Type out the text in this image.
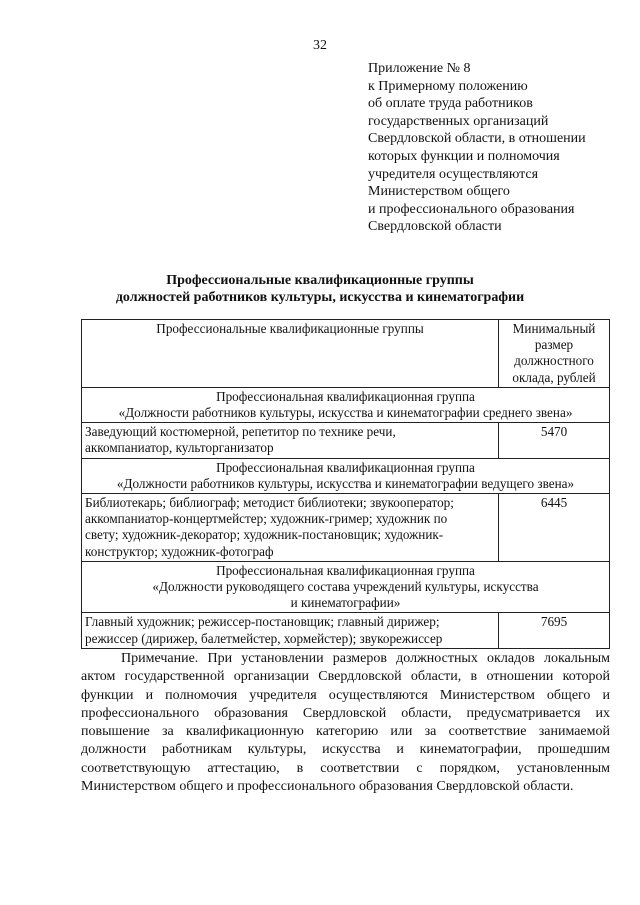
32
Приложение № 8
к Примерному положению
об оплате труда работников
государственных организаций
Свердловской области, в отношении
которых функции и полномочия
учредителя осуществляются
Министерством общего
и профессионального образования
Свердловской области
Профессиональные квалификационные группы
должностей работников культуры, искусства и кинематографии
Профессиональные квалификационные группы	Минимальный
размер
должностного
оклада, рублей

Профессиональная квалификационная группа
«Должности работников культуры, искусства и кинематографии среднего звена»	

Заведующий костюмерной, репетитор по технике речи,
аккомпаниатор, культорганизатор	5470

Профессиональная квалификационная группа
«Должности работников культуры, искусства и кинематографии ведущего звена»	

Библиотекарь; библиограф; методист библиотеки; звукооператор;
аккомпаниатор-концертмейстер; художник-гример; художник по
свету; художник-декоратор; художник-постановщик; художник-
конструктор; художник-фотограф	6445

Профессиональная квалификационная группа
«Должности руководящего состава учреждений культуры, искусства
и кинематографии»	

Главный художник; режиссер-постановщик; главный дирижер;
режиссер (дирижер, балетмейстер, хормейстер); звукорежиссер	7695
Примечание. При установлении размеров должностных окладов локальным актом государственной организации Свердловской области, в отношении которой функции и полномочия учредителя осуществляются Министерством общего и профессионального образования Свердловской области, предусматривается их повышение за квалификационную категорию или за соответствие занимаемой должности работникам культуры, искусства и кинематографии, прошедшим соответствующую аттестацию, в соответствии с порядком, установленным Министерством общего и профессионального образования Свердловской области.
